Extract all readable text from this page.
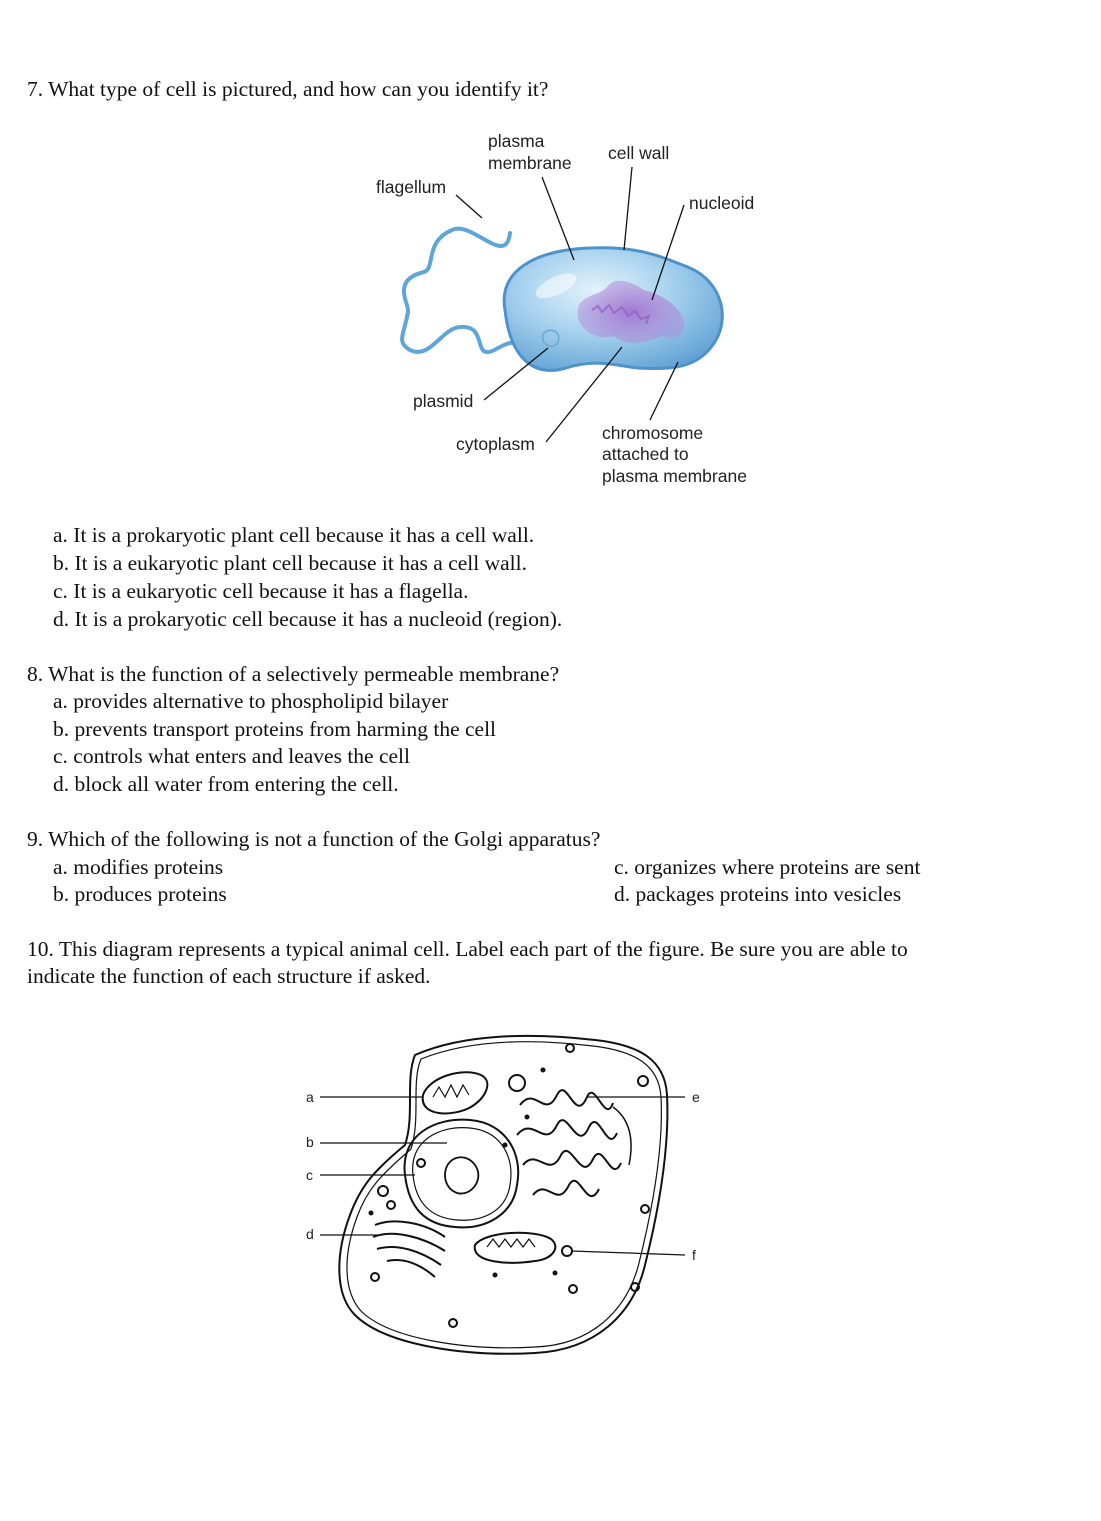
7. What type of cell is pictured, and how can you identify it?
plasma
membrane cell wall
flagellum
nucleoid
plasmid
cytoplasm
chromosome
attached to
plasma membrane
a. It is a prokaryotic plant cell because it has a cell wall.
b. It is a eukaryotic plant cell because it has a cell wall.
c. It is a eukaryotic cell because it has a flagella.
d. It is a prokaryotic cell because it has a nucleoid (region).
8. What is the function of a selectively permeable membrane?
a. provides alternative to phospholipid bilayer
b. prevents transport proteins from harming the cell
c. controls what enters and leaves the cell
d. block all water from entering the cell.
9. Which of the following is not a function of the Golgi apparatus?
a. modifies proteins
b. produces proteins
c. organizes where proteins are sent
d. packages proteins into vesicles
10. This diagram represents a typical animal cell. Label each part of the figure. Be sure you are able to
indicate the function of each structure if asked.
a
b
c
d
e
f
